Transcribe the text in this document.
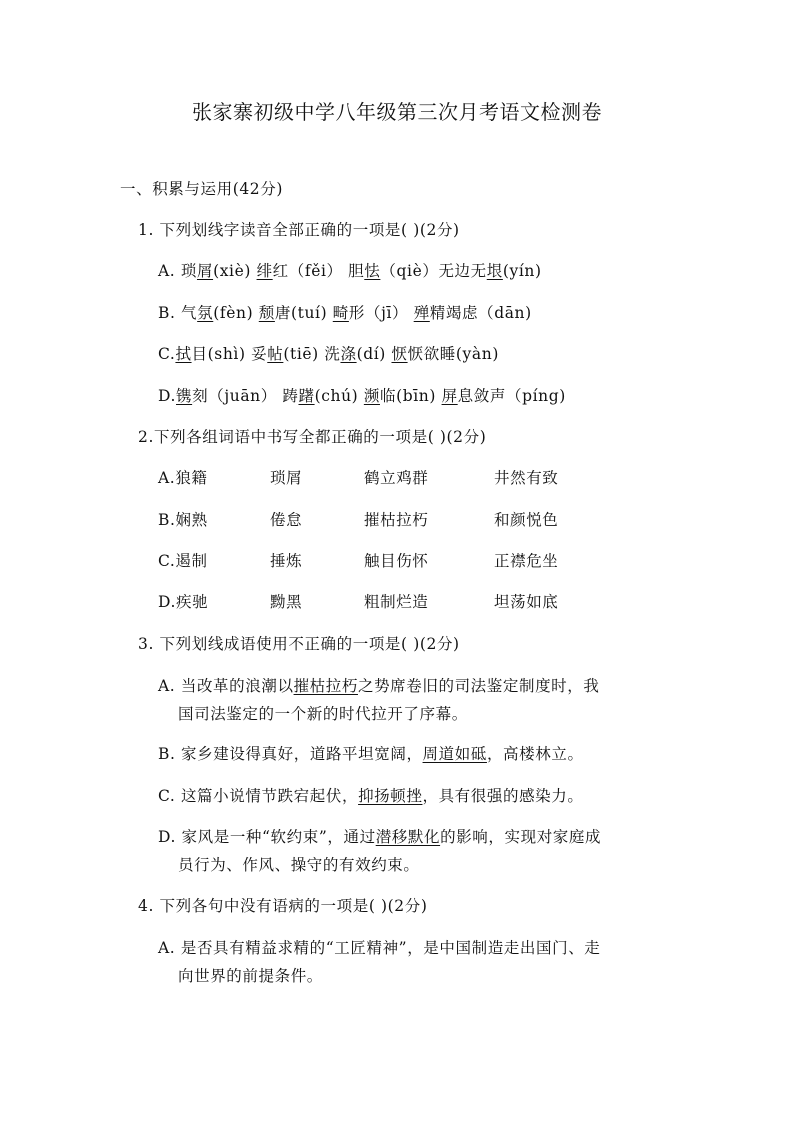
张家寨初级中学八年级第三次月考语文检测卷
一、积累与运用(42分)
1. 下列划线字读音全部正确的一项是( )(2分)
A. 琐屑(xiè) 绯红（fěi） 胆怯（qiè）无边无垠(yín)
B. 气氛(fèn) 颓唐(tuí) 畸形（jī） 殚精竭虑（dān)
C.拭目(shì) 妥帖(tiē) 洗涤(dí) 恹恹欲睡(yàn)
D.镌刻（juān） 踌躇(chú) 濒临(bīn) 屏息敛声（píng)
2.下列各组词语中书写全都正确的一项是( )(2分)
A.狼籍	琐屑	鹤立鸡群	井然有致
B.娴熟	倦怠	摧枯拉朽	和颜悦色
C.遏制	捶炼	触目伤怀	正襟危坐
D.疾驰	黝黑	粗制烂造	坦荡如底
3. 下列划线成语使用不正确的一项是( )(2分)
A. 当改革的浪潮以摧枯拉朽之势席卷旧的司法鉴定制度时，我
国司法鉴定的一个新的时代拉开了序幕。
B. 家乡建设得真好，道路平坦宽阔，周道如砥，高楼林立。
C. 这篇小说情节跌宕起伏，抑扬顿挫，具有很强的感染力。
D. 家风是一种“软约束”，通过潜移默化的影响，实现对家庭成
员行为、作风、操守的有效约束。
4. 下列各句中没有语病的一项是( )(2分)
A. 是否具有精益求精的“工匠精神”，是中国制造走出国门、走
向世界的前提条件。
